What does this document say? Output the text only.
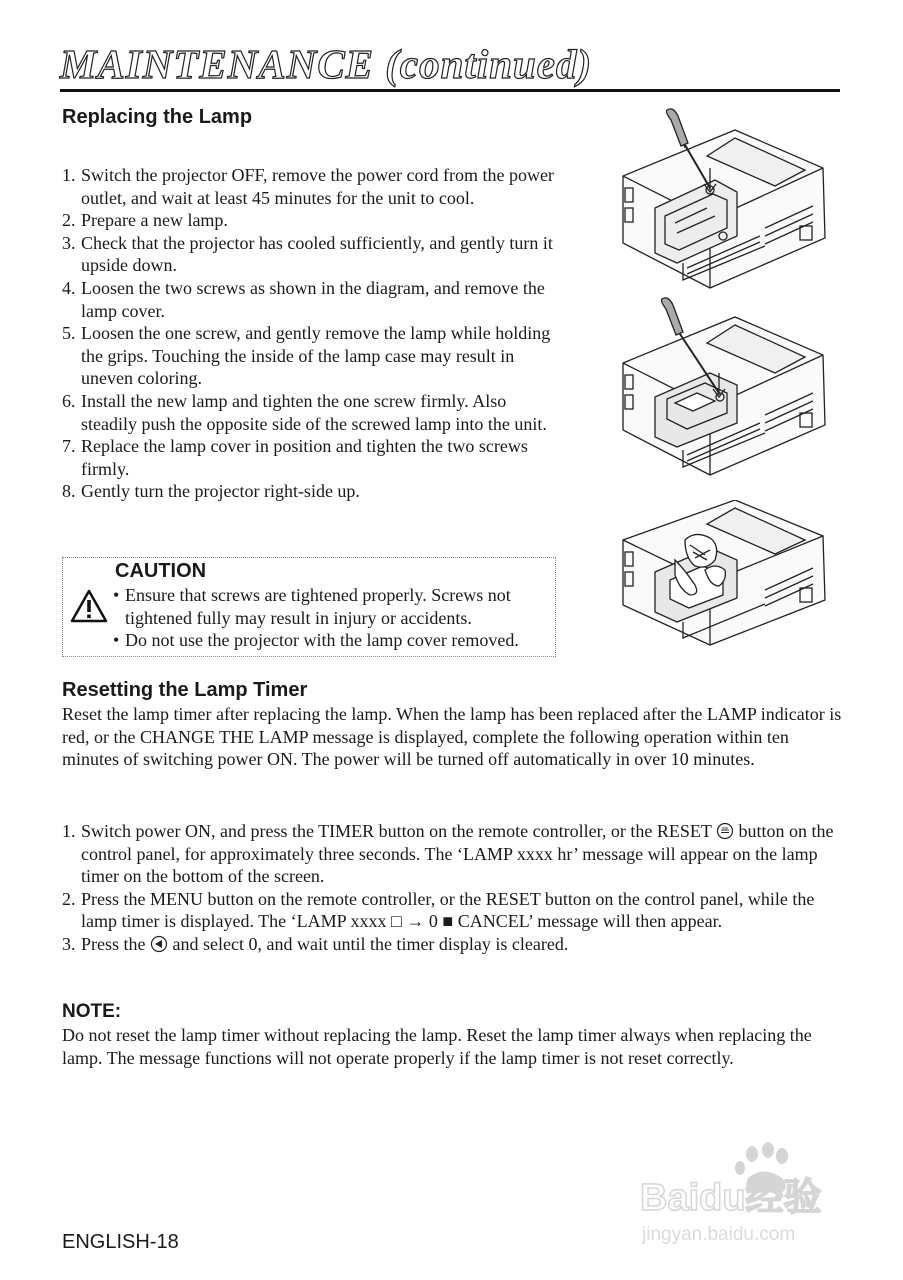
MAINTENANCE (continued)
Replacing the Lamp
1. Switch the projector OFF, remove the power cord from the power outlet, and wait at least 45 minutes for the unit to cool.
2. Prepare a new lamp.
3. Check that the projector has cooled sufficiently, and gently turn it upside down.
4. Loosen the two screws as shown in the diagram, and remove the lamp cover.
5. Loosen the one screw, and gently remove the lamp while holding the grips. Touching the inside of the lamp case may result in uneven coloring.
6. Install the new lamp and tighten the one screw firmly. Also steadily push the opposite side of the screwed lamp into the unit.
7. Replace the lamp cover in position and tighten the two screws firmly.
8. Gently turn the projector right-side up.
CAUTION
• Ensure that screws are tightened properly. Screws not tightened fully may result in injury or accidents.
• Do not use the projector with the lamp cover removed.
Resetting the Lamp Timer

Reset the lamp timer after replacing the lamp. When the lamp has been replaced after the LAMP indicator is red, or the CHANGE THE LAMP message is displayed, complete the following operation within ten minutes of switching power ON. The power will be turned off automatically in over 10 minutes.

1. Switch power ON, and press the TIMER button on the remote controller, or the RESET button on the control panel, for approximately three seconds. The ‘LAMP xxxx hr’ message will appear on the lamp timer on the bottom of the screen.
2. Press the MENU button on the remote controller, or the RESET button on the control panel, while the lamp timer is displayed. The ‘LAMP xxxx □ → 0 ■ CANCEL’ message will then appear.
3. Press the and select 0, and wait until the timer display is cleared.
NOTE:

Do not reset the lamp timer without replacing the lamp. Reset the lamp timer always when replacing the lamp. The message functions will not operate properly if the lamp timer is not reset correctly.

ENGLISH-18
Baidu经验
jingyan.baidu.com
